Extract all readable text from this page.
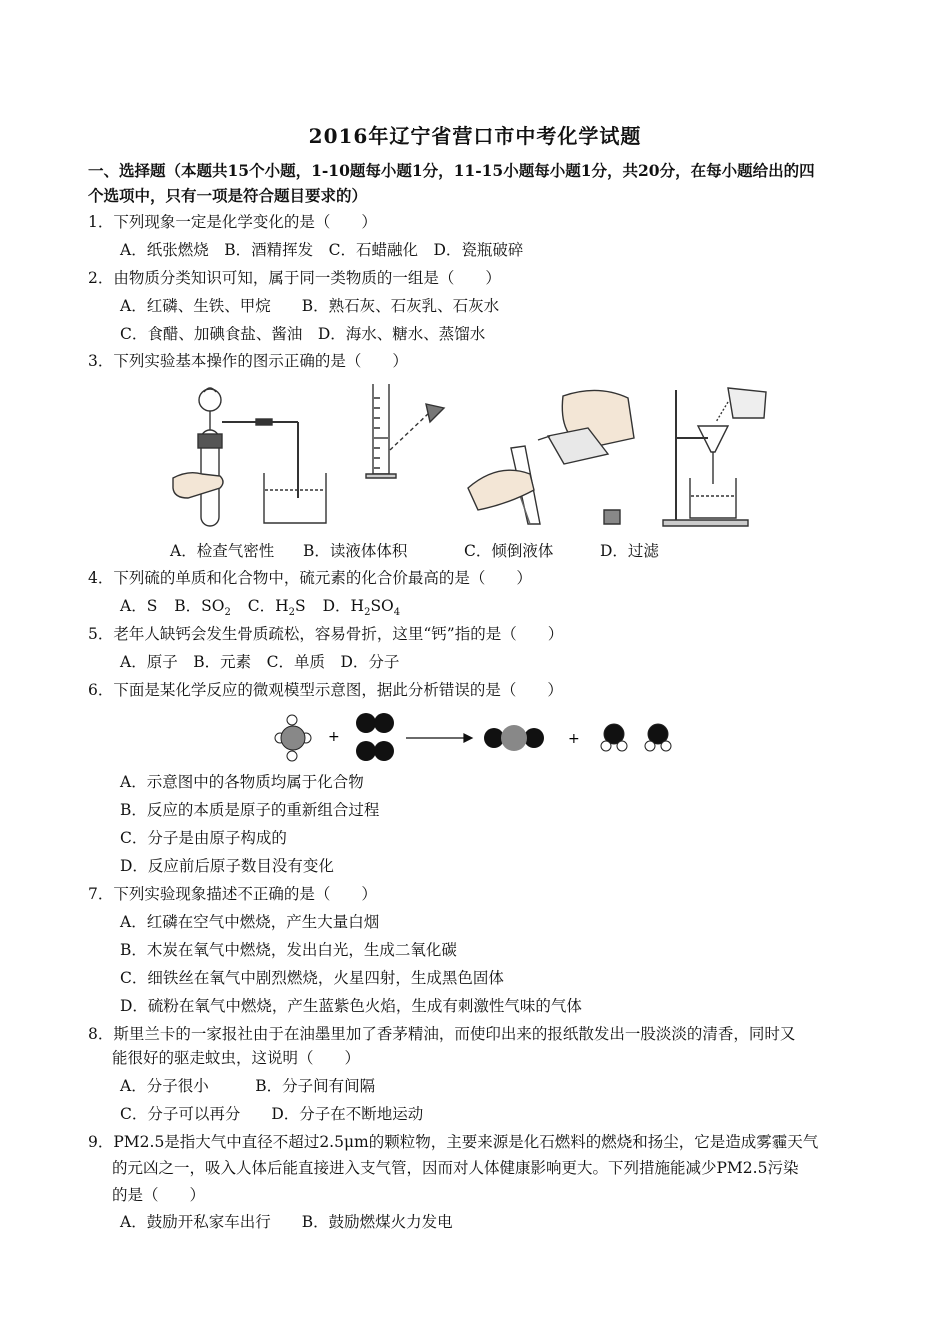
2016年辽宁省营口市中考化学试题
一、选择题（本题共15个小题，1-10题每小题1分，11-15小题每小题1分，共20分，在每小题给出的四
个选项中，只有一项是符合题目要求的）
1．下列现象一定是化学变化的是（　　）
A．纸张燃烧　B．酒精挥发　C．石蜡融化　D．瓷瓶破碎
2．由物质分类知识可知，属于同一类物质的一组是（　　）
A．红磷、生铁、甲烷　　B．熟石灰、石灰乳、石灰水
C．食醋、加碘食盐、酱油　D．海水、糖水、蒸馏水
3．下列实验基本操作的图示正确的是（　　）
A．检查气密性 B．读液体体积	C．倾倒液体	D．过滤
4．下列硫的单质和化合物中，硫元素的化合价最高的是（　　）
A．S B．$SO_2$ C．$H_2S$ D．$H_2SO_4$
5．老年人缺钙会发生骨质疏松，容易骨折，这里“钙”指的是（　　）
A．原子　B．元素　C．单质　D．分子
6．下面是某化学反应的微观模型示意图，据此分析错误的是（　　）
+	+
A．示意图中的各物质均属于化合物
B．反应的本质是原子的重新组合过程
C．分子是由原子构成的
D．反应前后原子数目没有变化
7．下列实验现象描述不正确的是（　　）
A．红磷在空气中燃烧，产生大量白烟
B．木炭在氧气中燃烧，发出白光，生成二氧化碳
C．细铁丝在氧气中剧烈燃烧，火星四射，生成黑色固体
D．硫粉在氧气中燃烧，产生蓝紫色火焰，生成有刺激性气味的气体
8．斯里兰卡的一家报社由于在油墨里加了香茅精油，而使印出来的报纸散发出一股淡淡的清香，同时又
能很好的驱走蚊虫，这说明（　　）
A．分子很小　　　B．分子间有间隔
C．分子可以再分　　D．分子在不断地运动
9．PM2.5是指大气中直径不超过2.5μm的颗粒物，主要来源是化石燃料的燃烧和扬尘，它是造成雾霾天气
的元凶之一，吸入人体后能直接进入支气管，因而对人体健康影响更大。下列措施能减少PM2.5污染
的是（　　）
A．鼓励开私家车出行　　B．鼓励燃煤火力发电
